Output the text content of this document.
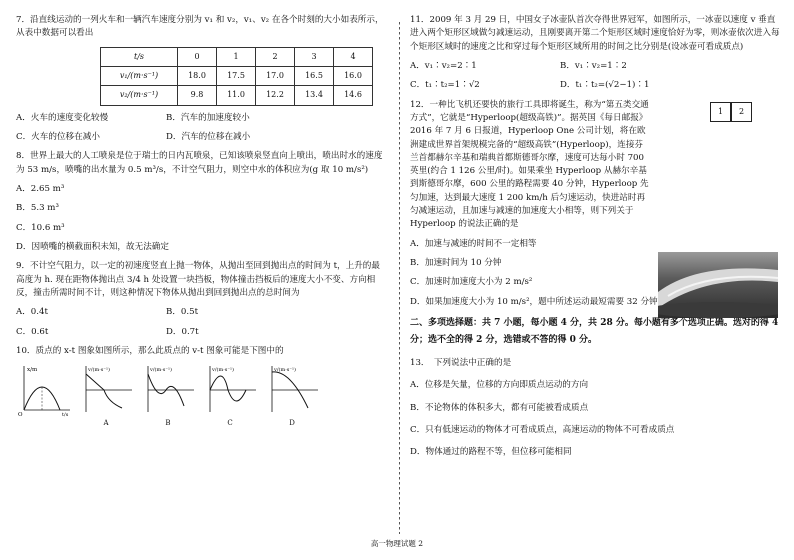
7．沿直线运动的一列火车和一辆汽车速度分别为 v₁ 和 v₂，v₁、v₂ 在各个时刻的大小如表所示，从表中数据可以看出

t/s	0	1	2	3	4
v₁/(m·s⁻¹)	18.0	17.5	17.0	16.5	16.0
v₂/(m·s⁻¹)	9.8	11.0	12.2	13.4	14.6
A．火车的速度变化较慢	B．汽车的加速度较小
C．火车的位移在减小	D．汽车的位移在减小

8．世界上最大的人工喷泉是位于瑞士的日内瓦喷泉，已知该喷泉竖直向上喷出，喷出时水的速度为 53 m/s，喷嘴的出水量为 0.5 m³/s，不计空气阻力，则空中水的体积应为(g 取 10 m/s²)

A．2.65 m³

B．5.3 m³

C．10.6 m³

D．因喷嘴的横截面积未知，故无法确定

9．不计空气阻力，以一定的初速度竖直上抛一物体，从抛出至回到抛出点的时间为 t，上升的最高度为 h. 现在距物体抛出点 3/4 h 处设置一块挡板，物体撞击挡板后的速度大小不变、方向相反，撞击所需时间不计，则这种情况下物体从抛出到回到抛出点的总时间为

A．0.4t	B．0.5t
C．0.6t	D．0.7t

10．质点的 x-t 图象如图所示，那么此质点的 v-t 图象可能是下图中的

x/m
O	t/s
v/(m·s⁻¹)
A
v/(m·s⁻¹)
B
v/(m·s⁻¹)
C
v/(m·s⁻¹)
D

11．2009 年 3 月 29 日，中国女子冰壶队首次夺得世界冠军，如图所示，一冰壶以速度 v 垂直进入两个矩形区域做匀减速运动，且刚要离开第二个矩形区域时速度恰好为零，则冰壶依次进入每个矩形区域时的速度之比和穿过每个矩形区域所用的时间之比分别是(设冰壶可看成质点)

A．v₁∶v₂=2∶1	B．v₁∶v₂=1∶2
C．t₁∶t₂=1∶√2	D．t₁∶t₂=(√2−1)∶1

12．一种比飞机还要快的旅行工具即将诞生，称为“第五类交通方式”，它就是“Hyperloop(超级高铁)”。据英国《每日邮报》2016 年 7 月 6 日报道，Hyperloop One 公司计划，将在欧洲建成世界首架规模完备的“超级高铁”(Hyperloop)，连接芬兰首都赫尔辛基和瑞典首都斯德哥尔摩，速度可达每小时 700 英里(约合 1 126 公里/时)。如果乘坐 Hyperloop 从赫尔辛基到斯德哥尔摩，600 公里的路程需要 40 分钟，Hyperloop 先匀加速，达到最大速度 1 200 km/h 后匀速运动，快进站时再匀减速运动，且加速与减速的加速度大小相等，则下列关于 Hyperloop 的说法正确的是

A．加速与减速的时间不一定相等

B．加速时间为 10 分钟

C．加速时加速度大小为 2 m/s²

D．如果加速度大小为 10 m/s²，题中所述运动最短需要 32 分钟

二、多项选择题：共 7 小题，每小题 4 分，共 28 分。每小题有多个选项正确。选对的得 4 分；选不全的得 2 分，选错或不答的得 0 分。

13．　下列说法中正确的是

A．位移是矢量，位移的方向即质点运动的方向

B．不论物体的体积多大，都有可能被看成质点

C．只有低速运动的物体才可看成质点，高速运动的物体不可看成质点

D．物体通过的路程不等，但位移可能相同

1	2
高一物理试题 2
